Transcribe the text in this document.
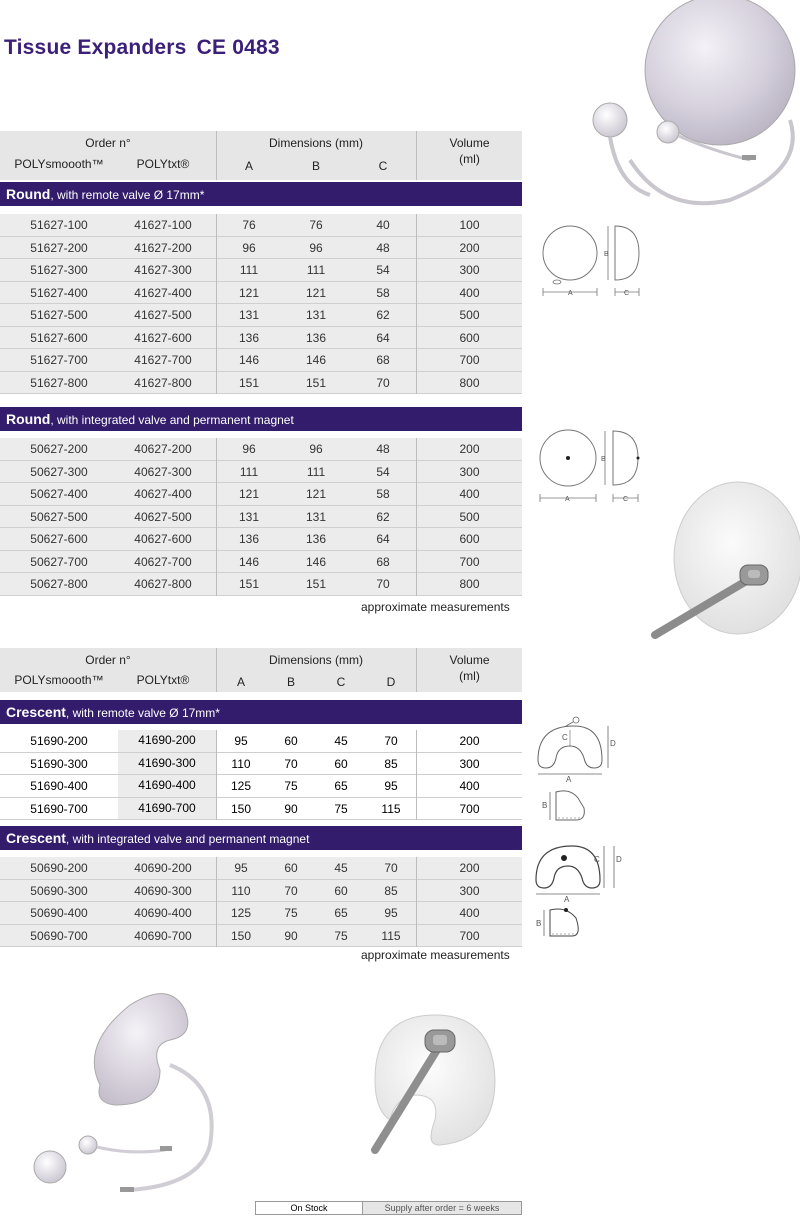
Tissue Expanders CE 0483
Order n°
POLYsmoooth™	POLYtxt®
Dimensions (mm)
A	B	C
Volume
(ml)
Round, with remote valve Ø 17mm*
51627-100	41627-100	76	76	40	100
51627-200	41627-200	96	96	48	200
51627-300	41627-300	111	111	54	300
51627-400	41627-400	121	121	58	400
51627-500	41627-500	131	131	62	500
51627-600	41627-600	136	136	64	600
51627-700	41627-700	146	146	68	700
51627-800	41627-800	151	151	70	800
Round, with integrated valve and permanent magnet
50627-200	40627-200	96	96	48	200
50627-300	40627-300	111	111	54	300
50627-400	40627-400	121	121	58	400
50627-500	40627-500	131	131	62	500
50627-600	40627-600	136	136	64	600
50627-700	40627-700	146	146	68	700
50627-800	40627-800	151	151	70	800
approximate measurements
Order n°
POLYsmoooth™	POLYtxt®
Dimensions (mm)
A	B	C	D
Volume
(ml)
Crescent, with remote valve Ø 17mm*
51690-200	41690-200	95	60	45	70	200
51690-300	41690-300	110	70	60	85	300
51690-400	41690-400	125	75	65	95	400
51690-700	41690-700	150	90	75	115	700
Crescent, with integrated valve and permanent magnet
50690-200	40690-200	95	60	45	70	200
50690-300	40690-300	110	70	60	85	300
50690-400	40690-400	125	75	65	95	400
50690-700	40690-700	150	90	75	115	700
approximate measurements
A
B
C
A
B
C
C
D
A
B
C D
A
B
On Stock	Supply after order = 6 weeks
